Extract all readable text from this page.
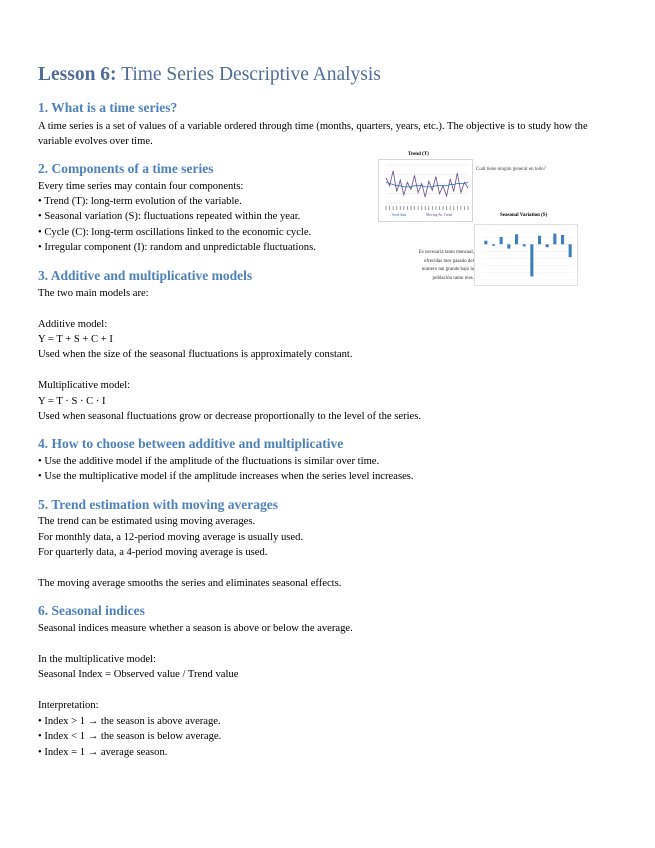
Lesson 6: Time Series Descriptive Analysis
1. What is a time series?
A time series is a set of values of a variable ordered through time (months, quarters, years, etc.). The objective is to study how the variable evolves over time.
2. Components of a time series
Every time series may contain four components:
• Trend (T): long-term evolution of the variable.
• Seasonal variation (S): fluctuations repeated within the year.
• Cycle (C): long-term oscillations linked to the economic cycle.
• Irregular component (I): random and unpredictable fluctuations.
Trend (T)
Serie data	Moving Av. Trend
Cuál tiene ningún general en todo?
Seasonal Variation (S)
Es necesaria tanto mensual,
ofrecidas mes pasado del
número tan grande bajo la
población tanto mes.
3. Additive and multiplicative models
The two main models are:
Additive model:
Y = T + S + C + I
Used when the size of the seasonal fluctuations is approximately constant.
Multiplicative model:
Y = T · S · C · I
Used when seasonal fluctuations grow or decrease proportionally to the level of the series.
4. How to choose between additive and multiplicative
• Use the additive model if the amplitude of the fluctuations is similar over time.
• Use the multiplicative model if the amplitude increases when the series level increases.
5. Trend estimation with moving averages
The trend can be estimated using moving averages.
For monthly data, a 12-period moving average is usually used.
For quarterly data, a 4-period moving average is used.
The moving average smooths the series and eliminates seasonal effects.
6. Seasonal indices
Seasonal indices measure whether a season is above or below the average.
In the multiplicative model:
Seasonal Index = Observed value / Trend value
Interpretation:
• Index > 1 → the season is above average.
• Index < 1 → the season is below average.
• Index = 1 → average season.
